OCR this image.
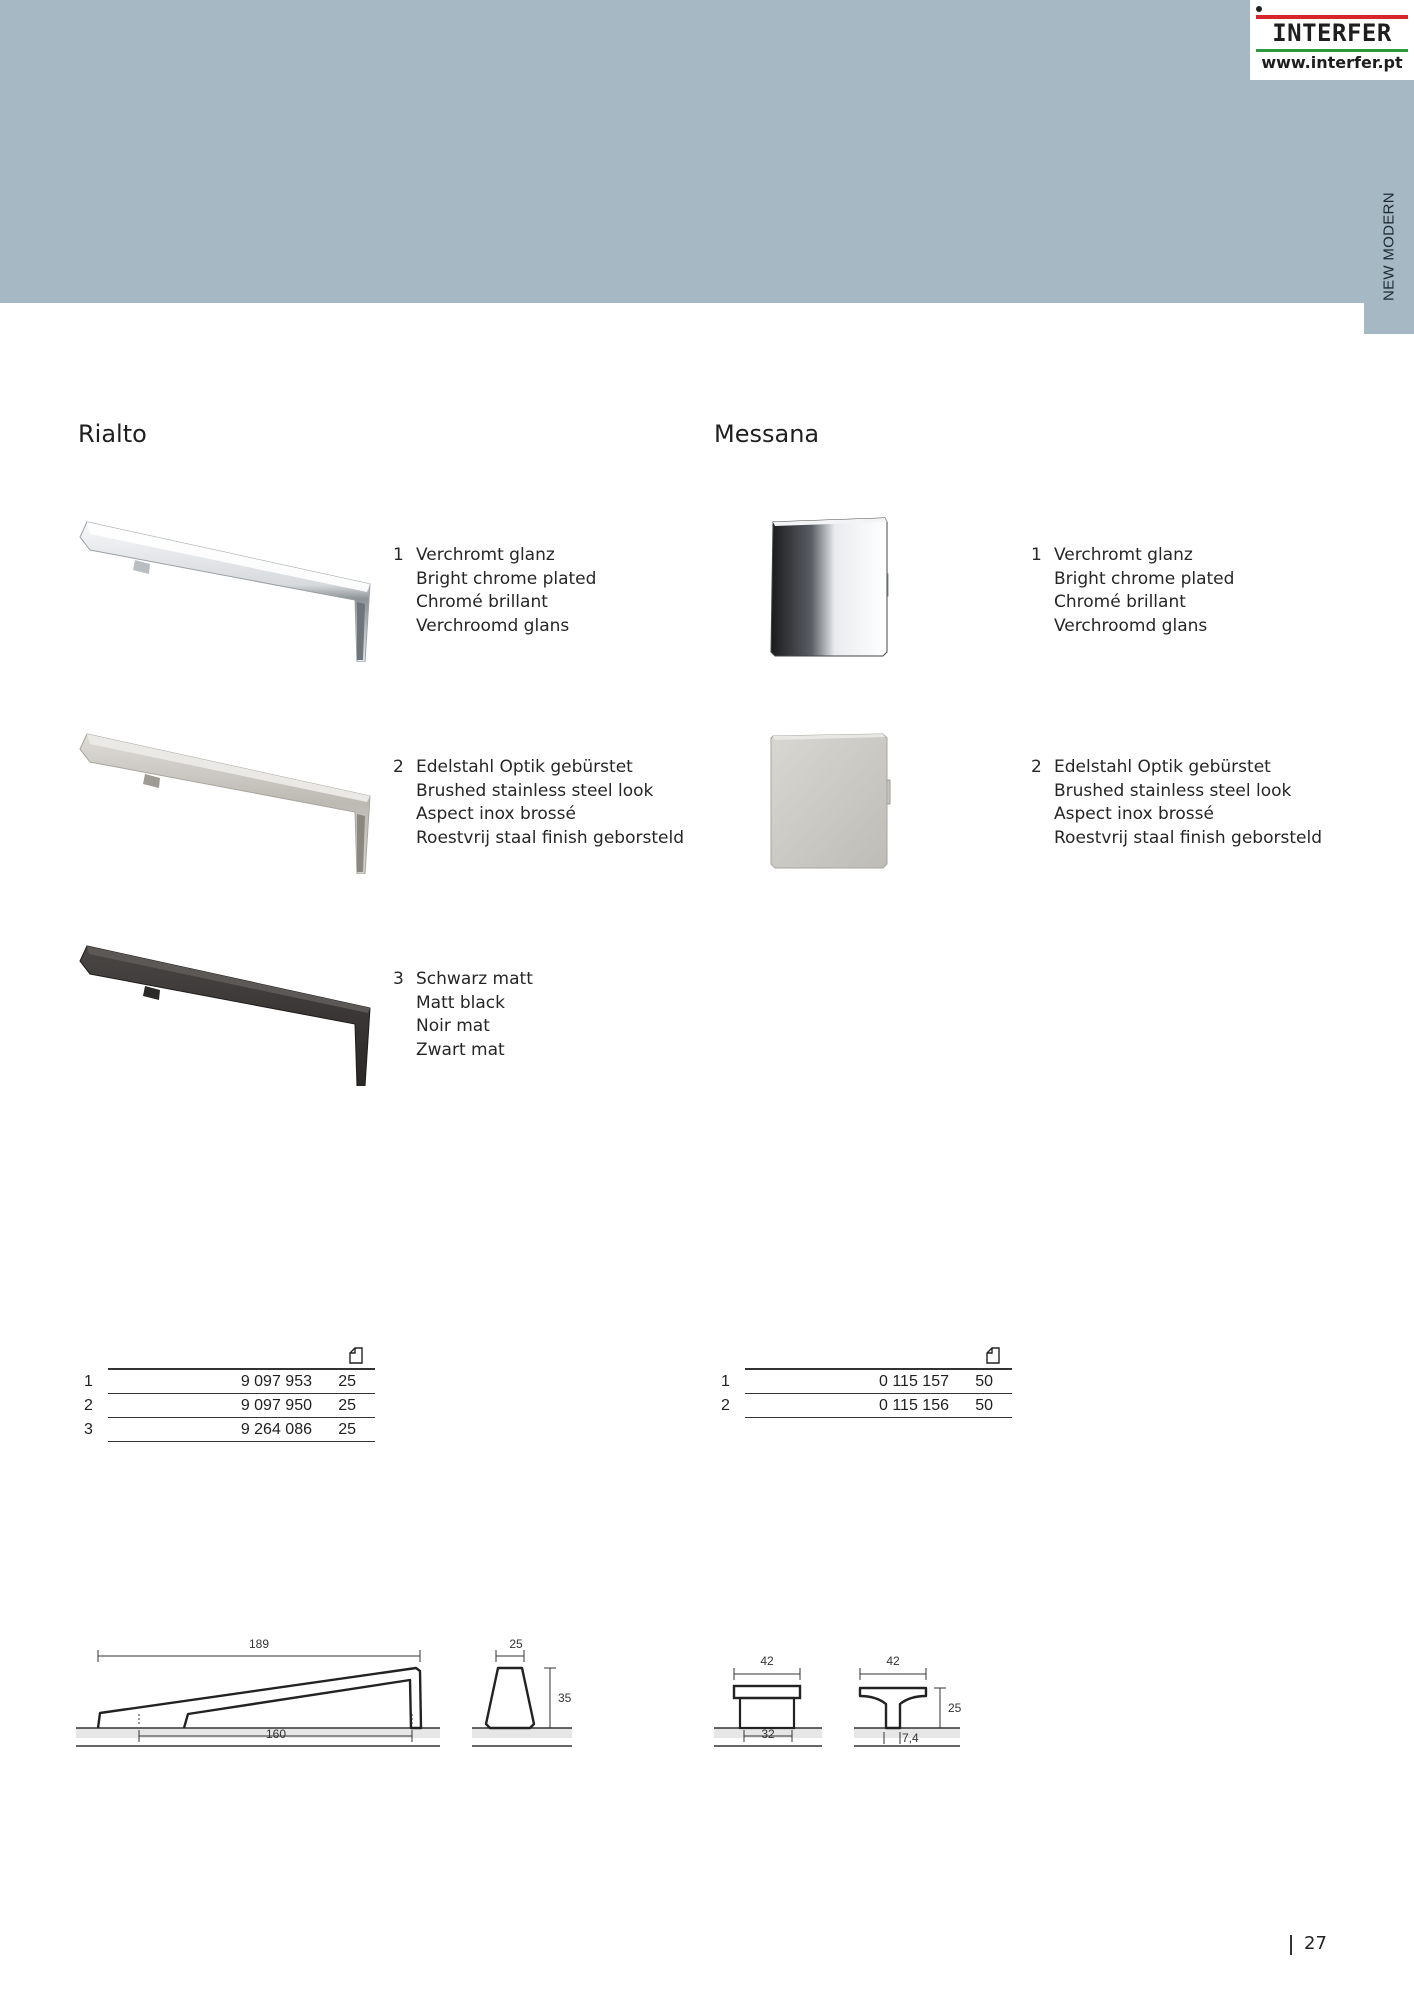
NEW MODERN
INTERFER
www.interfer.pt
Rialto
1 Verchromt glanz
Bright chrome plated
Chromé brillant
Verchroomd glans
2 Edelstahl Optik gebürstet
Brushed stainless steel look
Aspect inox brossé
Roestvrij staal finish geborsteld
3 Schwarz matt
Matt black
Noir mat
Zwart mat
1	9 097 953	25
2	9 097 950	25
3	9 264 086	25
189
160
25
35
Messana
1 Verchromt glanz
Bright chrome plated
Chromé brillant
Verchroomd glans
2 Edelstahl Optik gebürstet
Brushed stainless steel look
Aspect inox brossé
Roestvrij staal finish geborsteld
1	0 115 157	50
2	0 115 156	50
42
32
42
25
7,4
27
